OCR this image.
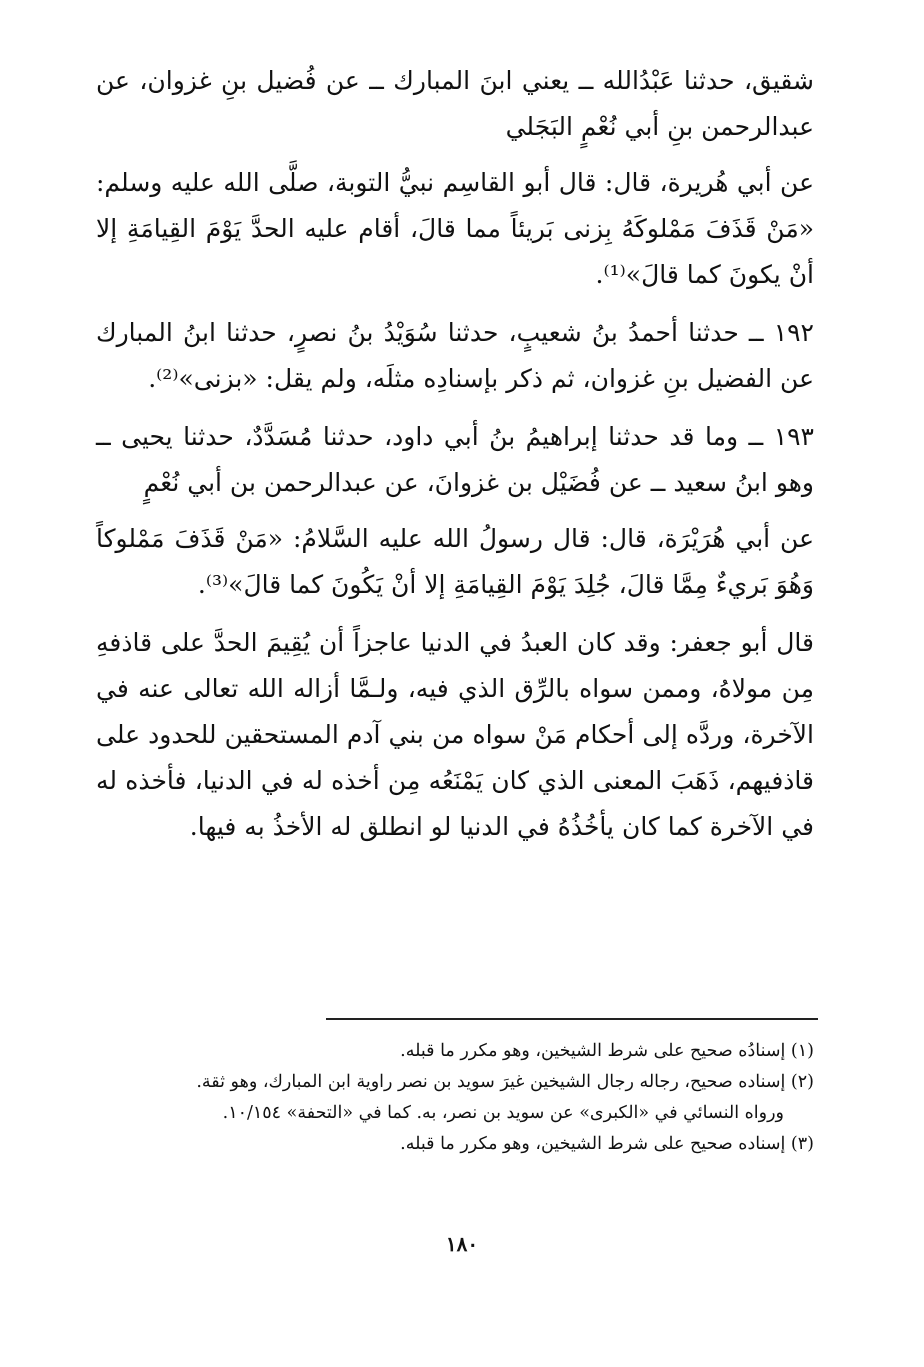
شقيق، حدثنا عَبْدُالله ــ يعني ابنَ المبارك ــ عن فُضيل بنِ غزوان، عن عبدالرحمن بنِ أبي نُعْمٍ البَجَلي

عن أبي هُريرة، قال: قال أبو القاسِم نبيُّ التوبة، صلَّى الله عليه وسلم: «مَنْ قَذَفَ مَمْلوكَهُ بِزنى بَريئاً مما قالَ، أقام عليه الحدَّ يَوْمَ القِيامَةِ إلا أنْ يكونَ كما قالَ»⁽¹⁾.

١٩٢ ــ حدثنا أحمدُ بنُ شعيبٍ، حدثنا سُوَيْدُ بنُ نصرٍ، حدثنا ابنُ المبارك عن الفضيل بنِ غزوان، ثم ذكر بإسنادِه مثلَه، ولم يقل: «بزنى»⁽²⁾.

١٩٣ ــ وما قد حدثنا إبراهيمُ بنُ أبي داود، حدثنا مُسَدَّدٌ، حدثنا يحيى ــ وهو ابنُ سعيد ــ عن فُضَيْل بن غزوانَ، عن عبدالرحمن بن أبي نُعْمٍ

عن أبي هُرَيْرَة، قال: قال رسولُ الله عليه السَّلامُ: «مَنْ قَذَفَ مَمْلوكاً وَهُوَ بَريءٌ مِمَّا قالَ، جُلِدَ يَوْمَ القِيامَةِ إلا أنْ يَكُونَ كما قالَ»⁽³⁾.

قال أبو جعفر: وقد كان العبدُ في الدنيا عاجزاً أن يُقِيمَ الحدَّ على قاذفهِ مِن مولاهُ، وممن سواه بالرِّق الذي فيه، ولـمَّا أزاله الله تعالى عنه في الآخرة، وردَّه إلى أحكام مَنْ سواه من بني آدم المستحقين للحدود على قاذفيهم، ذَهَبَ المعنى الذي كان يَمْنَعُه مِن أخذه له في الدنيا، فأخذه له في الآخرة كما كان يأخُذُهُ في الدنيا لو انطلق له الأخذُ به فيها.

(١) إسنادُه صحيح على شرط الشيخين، وهو مكرر ما قبله.

(٢) إسناده صحيح، رجاله رجال الشيخين غيرَ سويد بن نصر راوية ابن المبارك، وهو ثقة.

ورواه النسائي في «الكبرى» عن سويد بن نصر، به. كما في «التحفة» ١٠/١٥٤.

(٣) إسناده صحيح على شرط الشيخين، وهو مكرر ما قبله.

١٨٠
